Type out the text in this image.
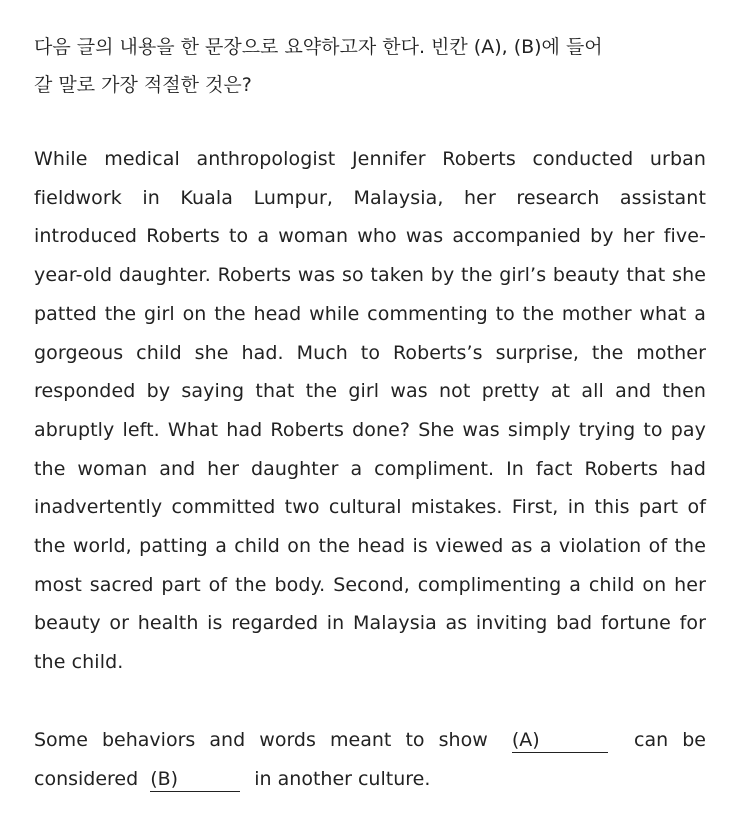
다음 글의 내용을 한 문장으로 요약하고자 한다. 빈칸 (A), (B)에 들어
갈 말로 가장 적절한 것은?
While medical anthropologist Jennifer Roberts conducted urban fieldwork in Kuala Lumpur, Malaysia, her research assistant introduced Roberts to a woman who was accompanied by her five-year-old daughter. Roberts was so taken by the girl’s beauty that she patted the girl on the head while commenting to the mother what a gorgeous child she had. Much to Roberts’s surprise, the mother responded by saying that the girl was not pretty at all and then abruptly left. What had Roberts done? She was simply trying to pay the woman and her daughter a compliment. In fact Roberts had inadvertently committed two cultural mistakes. First, in this part of the world, patting a child on the head is viewed as a violation of the most sacred part of the body. Second, complimenting a child on her beauty or health is regarded in Malaysia as inviting bad fortune for the child.
Some behaviors and words meant to show (A)	can be considered (B)	in another culture.
